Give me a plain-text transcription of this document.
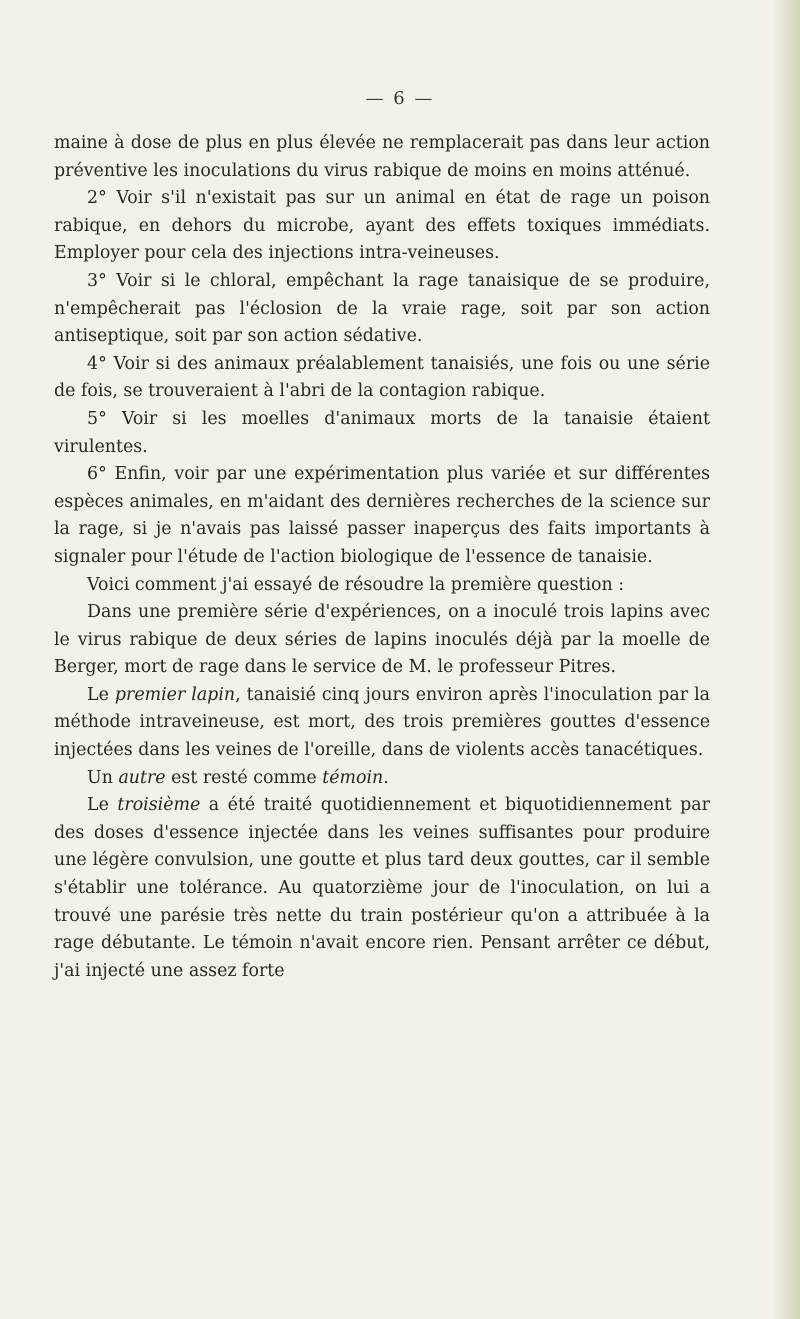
— 6 —

maine à dose de plus en plus élevée ne remplacerait pas dans leur action préventive les inoculations du virus rabique de moins en moins atténué.

2° Voir s'il n'existait pas sur un animal en état de rage un poison rabique, en dehors du microbe, ayant des effets toxiques immédiats. Employer pour cela des injections intra-veineuses.

3° Voir si le chloral, empêchant la rage tanaisique de se produire, n'empêcherait pas l'éclosion de la vraie rage, soit par son action antiseptique, soit par son action sédative.

4° Voir si des animaux préalablement tanaisiés, une fois ou une série de fois, se trouveraient à l'abri de la contagion rabique.

5° Voir si les moelles d'animaux morts de la tanaisie étaient virulentes.

6° Enfin, voir par une expérimentation plus variée et sur différentes espèces animales, en m'aidant des dernières recherches de la science sur la rage, si je n'avais pas laissé passer inaperçus des faits importants à signaler pour l'étude de l'action biologique de l'essence de tanaisie.

Voici comment j'ai essayé de résoudre la première question :

Dans une première série d'expériences, on a inoculé trois lapins avec le virus rabique de deux séries de lapins inoculés déjà par la moelle de Berger, mort de rage dans le service de M. le professeur Pitres.

Le premier lapin, tanaisié cinq jours environ après l'inoculation par la méthode intraveineuse, est mort, des trois premières gouttes d'essence injectées dans les veines de l'oreille, dans de violents accès tanacétiques.

Un autre est resté comme témoin.

Le troisième a été traité quotidiennement et biquotidiennement par des doses d'essence injectée dans les veines suffisantes pour produire une légère convulsion, une goutte et plus tard deux gouttes, car il semble s'établir une tolérance. Au quatorzième jour de l'inoculation, on lui a trouvé une parésie très nette du train postérieur qu'on a attribuée à la rage débutante. Le témoin n'avait encore rien. Pensant arrêter ce début, j'ai injecté une assez forte
